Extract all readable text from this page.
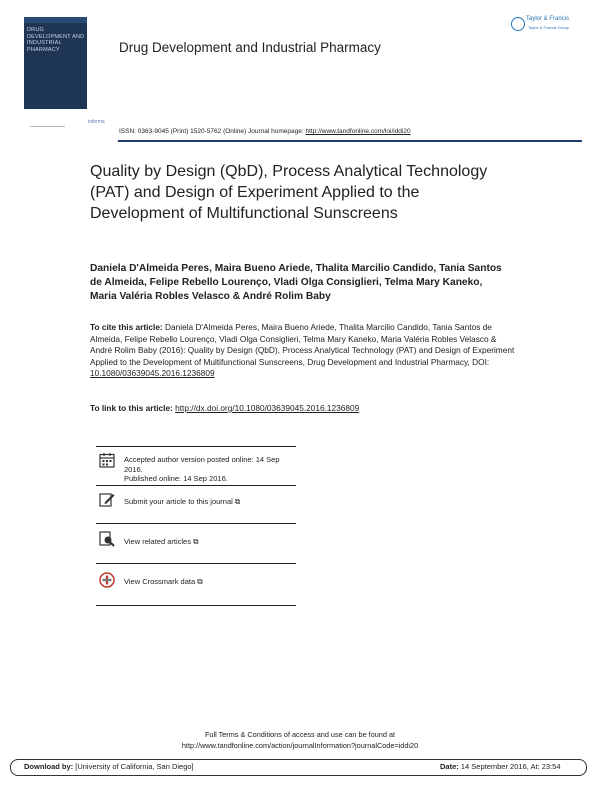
DRUG DEVELOPMENT AND INDUSTRIAL PHARMACY
informa
Drug Development and Industrial Pharmacy
Taylor & Francis
Taylor & Francis Group
ISSN: 0363-9045 (Print) 1520-5762 (Online) Journal homepage: http://www.tandfonline.com/loi/iddi20
Quality by Design (QbD), Process Analytical Technology (PAT) and Design of Experiment Applied to the Development of Multifunctional Sunscreens
Daniela D'Almeida Peres, Maira Bueno Ariede, Thalita Marcilio Candido, Tania Santos de Almeida, Felipe Rebello Lourenço, Vladi Olga Consiglieri, Telma Mary Kaneko, Maria Valéria Robles Velasco & André Rolim Baby
To cite this article: Daniela D'Almeida Peres, Maira Bueno Ariede, Thalita Marcilio Candido, Tania Santos de Almeida, Felipe Rebello Lourenço, Vladi Olga Consiglieri, Telma Mary Kaneko, Maria Valéria Robles Velasco & André Rolim Baby (2016): Quality by Design (QbD), Process Analytical Technology (PAT) and Design of Experiment Applied to the Development of Multifunctional Sunscreens, Drug Development and Industrial Pharmacy, DOI: 10.1080/03639045.2016.1236809
To link to this article: http://dx.doi.org/10.1080/03639045.2016.1236809
Accepted author version posted online: 14 Sep 2016.
Published online: 14 Sep 2016.
Submit your article to this journal ⧉
View related articles ⧉
View Crossmark data ⧉
Full Terms & Conditions of access and use can be found at
http://www.tandfonline.com/action/journalInformation?journalCode=iddi20
Download by: [University of California, San Diego]	Date: 14 September 2016, At: 23:54
